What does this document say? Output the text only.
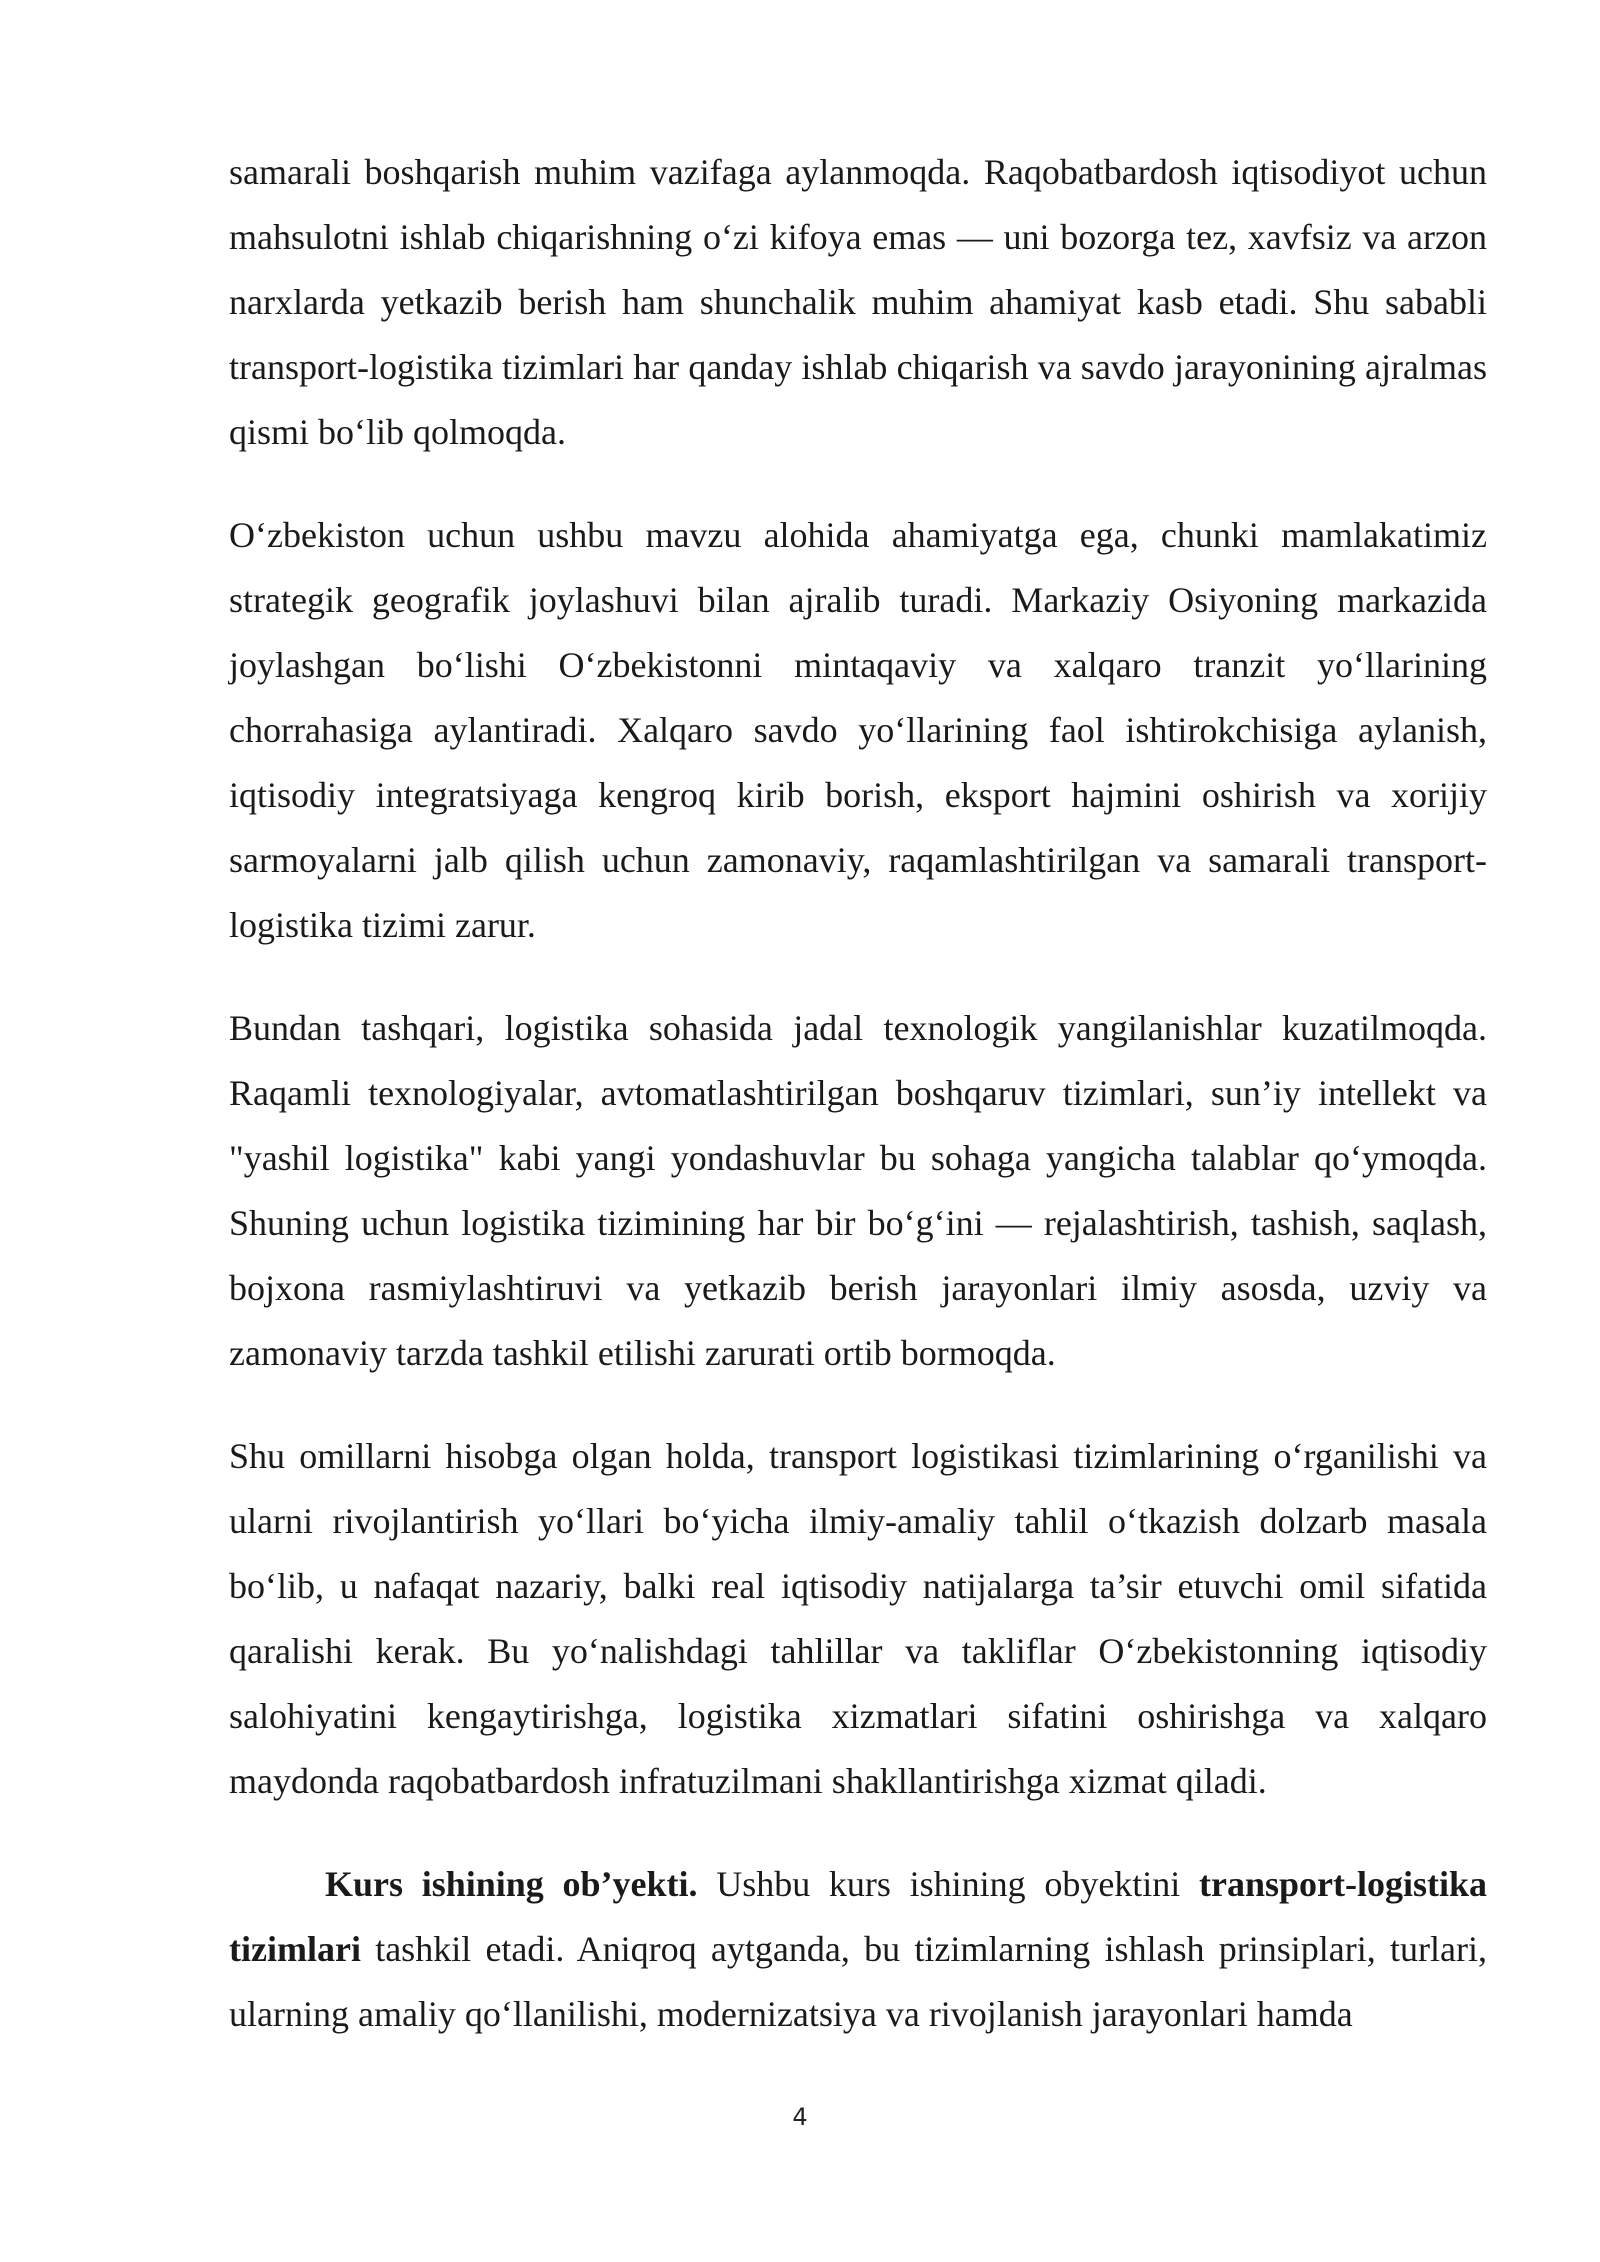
samarali boshqarish muhim vazifaga aylanmoqda. Raqobatbardosh iqtisodiyot uchun mahsulotni ishlab chiqarishning o‘zi kifoya emas — uni bozorga tez, xavfsiz va arzon narxlarda yetkazib berish ham shunchalik muhim ahamiyat kasb etadi. Shu sababli transport-logistika tizimlari har qanday ishlab chiqarish va savdo jarayonining ajralmas qismi bo‘lib qolmoqda.

O‘zbekiston uchun ushbu mavzu alohida ahamiyatga ega, chunki mamlakatimiz strategik geografik joylashuvi bilan ajralib turadi. Markaziy Osiyoning markazida joylashgan bo‘lishi O‘zbekistonni mintaqaviy va xalqaro tranzit yo‘llarining chorrahasiga aylantiradi. Xalqaro savdo yo‘llarining faol ishtirokchisiga aylanish, iqtisodiy integratsiyaga kengroq kirib borish, eksport hajmini oshirish va xorijiy sarmoyalarni jalb qilish uchun zamonaviy, raqamlashtirilgan va samarali transport-logistika tizimi zarur.

Bundan tashqari, logistika sohasida jadal texnologik yangilanishlar kuzatilmoqda. Raqamli texnologiyalar, avtomatlashtirilgan boshqaruv tizimlari, sun’iy intellekt va "yashil logistika" kabi yangi yondashuvlar bu sohaga yangicha talablar qo‘ymoqda. Shuning uchun logistika tizimining har bir bo‘g‘ini — rejalashtirish, tashish, saqlash, bojxona rasmiylashtiruvi va yetkazib berish jarayonlari ilmiy asosda, uzviy va zamonaviy tarzda tashkil etilishi zarurati ortib bormoqda.

Shu omillarni hisobga olgan holda, transport logistikasi tizimlarining o‘rganilishi va ularni rivojlantirish yo‘llari bo‘yicha ilmiy-amaliy tahlil o‘tkazish dolzarb masala bo‘lib, u nafaqat nazariy, balki real iqtisodiy natijalarga ta’sir etuvchi omil sifatida qaralishi kerak. Bu yo‘nalishdagi tahlillar va takliflar O‘zbekistonning iqtisodiy salohiyatini kengaytirishga, logistika xizmatlari sifatini oshirishga va xalqaro maydonda raqobatbardosh infratuzilmani shakllantirishga xizmat qiladi.

Kurs ishining ob’yekti. Ushbu kurs ishining obyektini transport-logistika tizimlari tashkil etadi. Aniqroq aytganda, bu tizimlarning ishlash prinsiplari, turlari, ularning amaliy qo‘llanilishi, modernizatsiya va rivojlanish jarayonlari hamda

4
